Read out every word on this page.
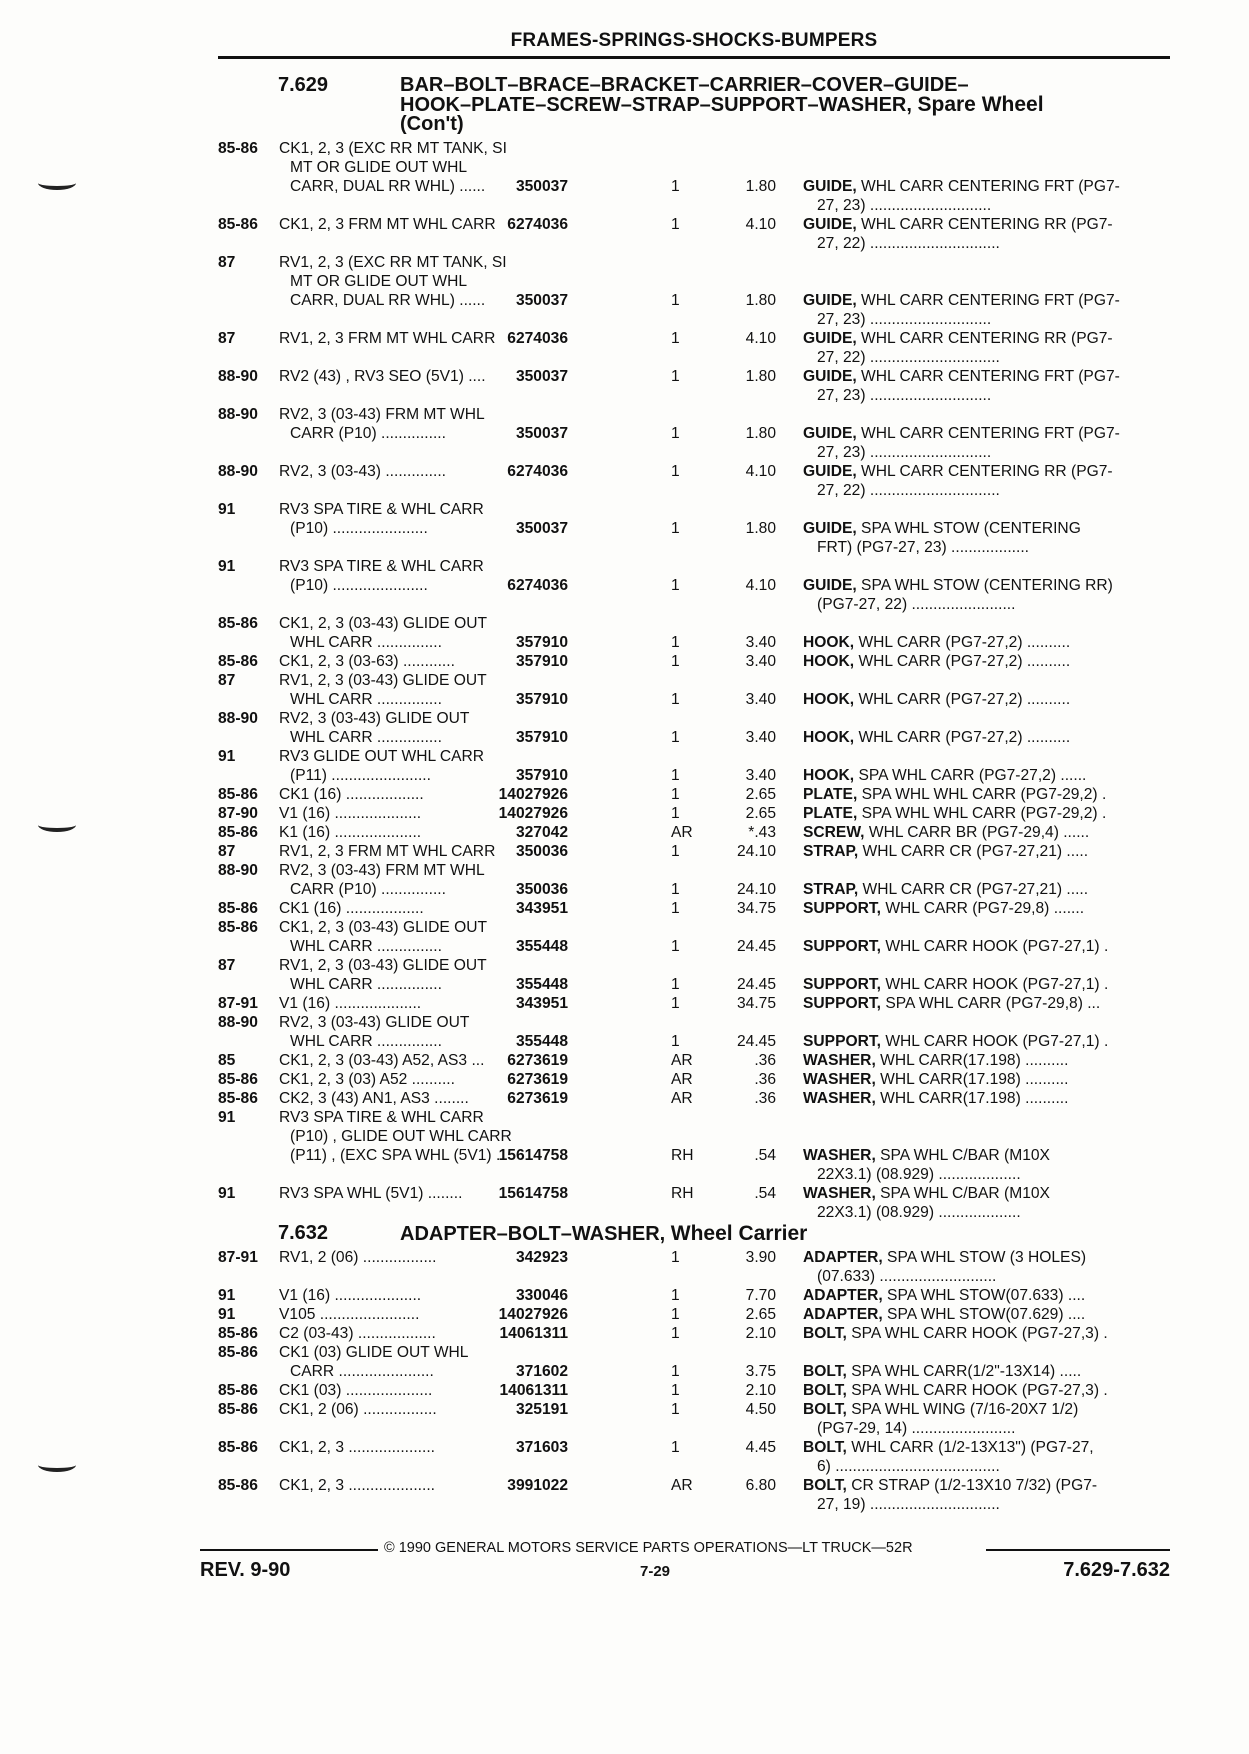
FRAMES-SPRINGS-SHOCKS-BUMPERS
7.629	BAR–BOLT–BRACE–BRACKET–CARRIER–COVER–GUIDE–
HOOK–PLATE–SCREW–STRAP–SUPPORT–WASHER, Spare Wheel
(Con't)
85-86 CK1, 2, 3 (EXC RR MT TANK, SI
MT OR GLIDE OUT WHL
CARR, DUAL RR WHL) ......	350037	1	1.80 GUIDE, WHL CARR CENTERING FRT (PG7-
27, 23) ............................
85-86 CK1, 2, 3 FRM MT WHL CARR 6274036	1	4.10 GUIDE, WHL CARR CENTERING RR (PG7-
27, 22) ..............................
87	RV1, 2, 3 (EXC RR MT TANK, SI
MT OR GLIDE OUT WHL
CARR, DUAL RR WHL) ......	350037	1	1.80 GUIDE, WHL CARR CENTERING FRT (PG7-
27, 23) ............................
87	RV1, 2, 3 FRM MT WHL CARR 6274036	1	4.10 GUIDE, WHL CARR CENTERING RR (PG7-
27, 22) ..............................
88-90 RV2 (43) , RV3 SEO (5V1) ....	350037	1	1.80 GUIDE, WHL CARR CENTERING FRT (PG7-
27, 23) ............................
88-90 RV2, 3 (03-43) FRM MT WHL
CARR (P10) ...............	350037	1	1.80 GUIDE, WHL CARR CENTERING FRT (PG7-
27, 23) ............................
88-90 RV2, 3 (03-43) ..............	6274036	1	4.10 GUIDE, WHL CARR CENTERING RR (PG7-
27, 22) ..............................
91	RV3 SPA TIRE & WHL CARR
(P10) ......................	350037	1	1.80 GUIDE, SPA WHL STOW (CENTERING
FRT) (PG7-27, 23) ..................
91	RV3 SPA TIRE & WHL CARR
(P10) ......................	6274036	1	4.10 GUIDE, SPA WHL STOW (CENTERING RR)
(PG7-27, 22) ........................
85-86 CK1, 2, 3 (03-43) GLIDE OUT
WHL CARR ...............	357910	1	3.40 HOOK, WHL CARR (PG7-27,2) ..........
85-86 CK1, 2, 3 (03-63) ............	357910	1	3.40 HOOK, WHL CARR (PG7-27,2) ..........
87	RV1, 2, 3 (03-43) GLIDE OUT
WHL CARR ...............	357910	1	3.40 HOOK, WHL CARR (PG7-27,2) ..........
88-90 RV2, 3 (03-43) GLIDE OUT
WHL CARR ...............	357910	1	3.40 HOOK, WHL CARR (PG7-27,2) ..........
91	RV3 GLIDE OUT WHL CARR
(P11) .......................	357910	1	3.40 HOOK, SPA WHL CARR (PG7-27,2) ......
85-86 CK1 (16) ..................	14027926	1	2.65 PLATE, SPA WHL WHL CARR (PG7-29,2) .
87-90 V1 (16) ....................	14027926	1	2.65 PLATE, SPA WHL WHL CARR (PG7-29,2) .
85-86 K1 (16) ....................	327042	AR	*.43 SCREW, WHL CARR BR (PG7-29,4) ......
87	RV1, 2, 3 FRM MT WHL CARR	350036	1	24.10 STRAP, WHL CARR CR (PG7-27,21) .....
88-90 RV2, 3 (03-43) FRM MT WHL
CARR (P10) ...............	350036	1	24.10 STRAP, WHL CARR CR (PG7-27,21) .....
85-86 CK1 (16) ..................	343951	1	34.75 SUPPORT, WHL CARR (PG7-29,8) .......
85-86 CK1, 2, 3 (03-43) GLIDE OUT
WHL CARR ...............	355448	1	24.45 SUPPORT, WHL CARR HOOK (PG7-27,1) .
87	RV1, 2, 3 (03-43) GLIDE OUT
WHL CARR ...............	355448	1	24.45 SUPPORT, WHL CARR HOOK (PG7-27,1) .
87-91 V1 (16) ....................	343951	1	34.75 SUPPORT, SPA WHL CARR (PG7-29,8) ...
88-90 RV2, 3 (03-43) GLIDE OUT
WHL CARR ...............	355448	1	24.45 SUPPORT, WHL CARR HOOK (PG7-27,1) .
85	CK1, 2, 3 (03-43) A52, AS3 ...	6273619	AR	.36 WASHER, WHL CARR(17.198) ..........
85-86 CK1, 2, 3 (03) A52 ..........	6273619	AR	.36 WASHER, WHL CARR(17.198) ..........
85-86 CK2, 3 (43) AN1, AS3 ........	6273619	AR	.36 WASHER, WHL CARR(17.198) ..........
91	RV3 SPA TIRE & WHL CARR
(P10) , GLIDE OUT WHL CARR
(P11) , (EXC SPA WHL (5V1) .
15614758	RH	.54 WASHER, SPA WHL C/BAR (M10X
22X3.1) (08.929) ...................
91	RV3 SPA WHL (5V1) ........	15614758	RH	.54 WASHER, SPA WHL C/BAR (M10X
22X3.1) (08.929) ...................
7.632	ADAPTER–BOLT–WASHER, Wheel Carrier
87-91 RV1, 2 (06) .................	342923	1	3.90 ADAPTER, SPA WHL STOW (3 HOLES)
(07.633) ...........................
91	V1 (16) ....................	330046	1	7.70 ADAPTER, SPA WHL STOW(07.633) ....
91	V105 .......................	14027926	1	2.65 ADAPTER, SPA WHL STOW(07.629) ....
85-86 C2 (03-43) ..................	14061311	1	2.10 BOLT, SPA WHL CARR HOOK (PG7-27,3) .
85-86 CK1 (03) GLIDE OUT WHL
CARR ......................	371602	1	3.75 BOLT, SPA WHL CARR(1/2"-13X14) .....
85-86 CK1 (03) ....................	14061311	1	2.10 BOLT, SPA WHL CARR HOOK (PG7-27,3) .
85-86 CK1, 2 (06) .................	325191	1	4.50 BOLT, SPA WHL WING (7/16-20X7 1/2)
(PG7-29, 14) ........................
85-86 CK1, 2, 3 ....................	371603	1	4.45 BOLT, WHL CARR (1/2-13X13") (PG7-27,
6) ......................................
85-86 CK1, 2, 3 ....................	3991022	AR	6.80 BOLT, CR STRAP (1/2-13X10 7/32) (PG7-
27, 19) ..............................
© 1990 GENERAL MOTORS SERVICE PARTS OPERATIONS—LT TRUCK—52R
REV. 9-90	7-29	7.629-7.632
